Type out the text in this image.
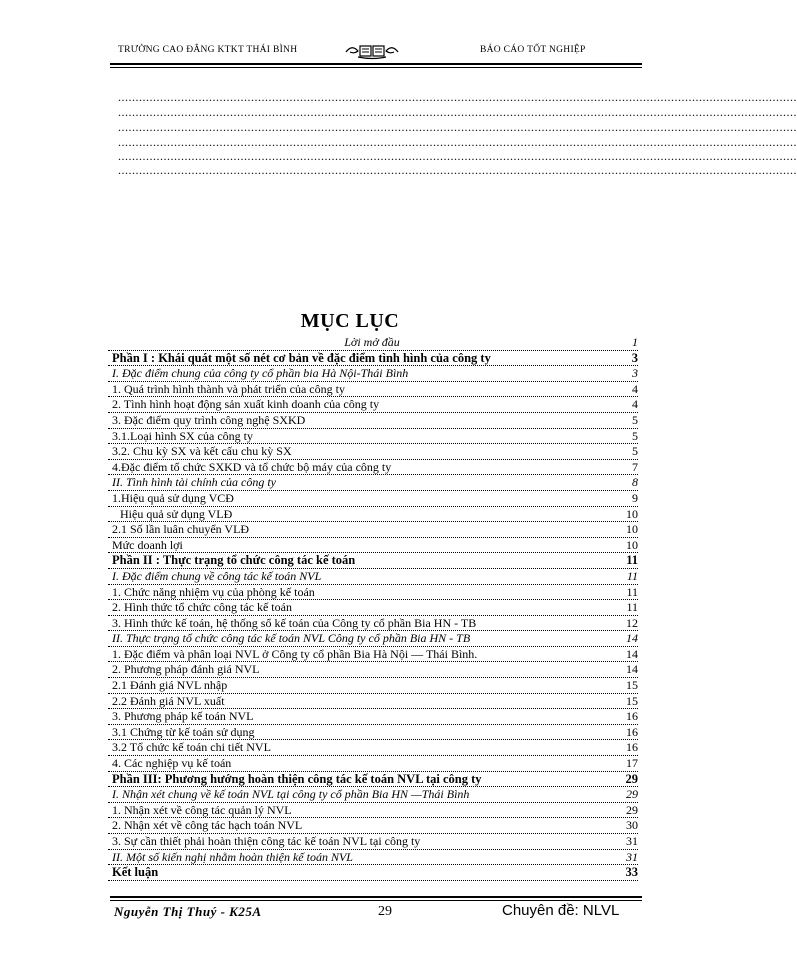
TRƯỜNG CAO ĐẲNG KTKT THÁI BÌNH	BÁO CÁO TỐT NGHIỆP
..................................................................................................................................................................................................
..................................................................................................................................................................................................
..................................................................................................................................................................................................
..................................................................................................................................................................................................
..................................................................................................................................................................................................
..................................................................................................................................................................................................
MỤC LỤC
Lời mở đầu	1
Phần I : Khái quát một số nét cơ bản về đặc điểm tình hình của công ty	3
I. Đặc điểm chung của công ty cổ phần bia Hà Nội-Thái Bình	3
1. Quá trình hình thành và phát triển của công ty	4
2. Tình hình hoạt động sản xuất kinh doanh của công ty	4
3. Đặc điểm quy trình công nghệ SXKD	5
3.1.Loại hình SX của công ty	5
3.2. Chu kỳ SX và kết cấu chu kỳ SX	5
4.Đặc điểm tổ chức SXKD và tổ chức bộ máy của công ty	7
II. Tình hình tài chính của công ty	8
1.Hiệu quả sử dụng VCĐ	9
Hiệu quả sử dụng VLĐ	10
2.1 Số lần luân chuyển VLĐ	10
Mức doanh lợi	10
Phần II : Thực trạng tổ chức công tác kế toán	11
I. Đặc điểm chung về công tác kế toán NVL	11
1. Chức năng nhiệm vụ của phòng kế toán	11
2. Hình thức tổ chức công tác kế toán	11
3. Hình thức kế toán, hệ thống sổ kế toán của Công ty cổ phần Bia HN - TB	12
II. Thực trạng tổ chức công tác kế toán NVL Công ty cổ phần Bia HN - TB	14
1. Đặc điểm và phân loại NVL ở Công ty cổ phần Bia Hà Nội — Thái Bình.	14
2. Phương pháp đánh giá NVL	14
2.1 Đánh giá NVL nhập	15
2.2 Đánh giá NVL xuất	15
3. Phương pháp kế toán NVL	16
3.1 Chứng từ kế toán sử dụng	16
3.2 Tổ chức kế toán chi tiết NVL	16
4. Các nghiệp vụ kế toán	17
Phần III: Phương hướng hoàn thiện công tác kế toán NVL tại công ty	29
I. Nhận xét chung về kế toán NVL tại công ty cổ phần Bia HN —Thái Bình	29
1. Nhận xét về công tác quản lý NVL	29
2. Nhận xét về công tác hạch toán NVL	30
3. Sự cần thiết phải hoàn thiện công tác kế toán NVL tại công ty	31
II. Một số kiến nghị nhằm hoàn thiện kế toán NVL	31
Kết luận	33
Nguyễn Thị Thuý - K25A	29	Chuyên đề: NLVL
